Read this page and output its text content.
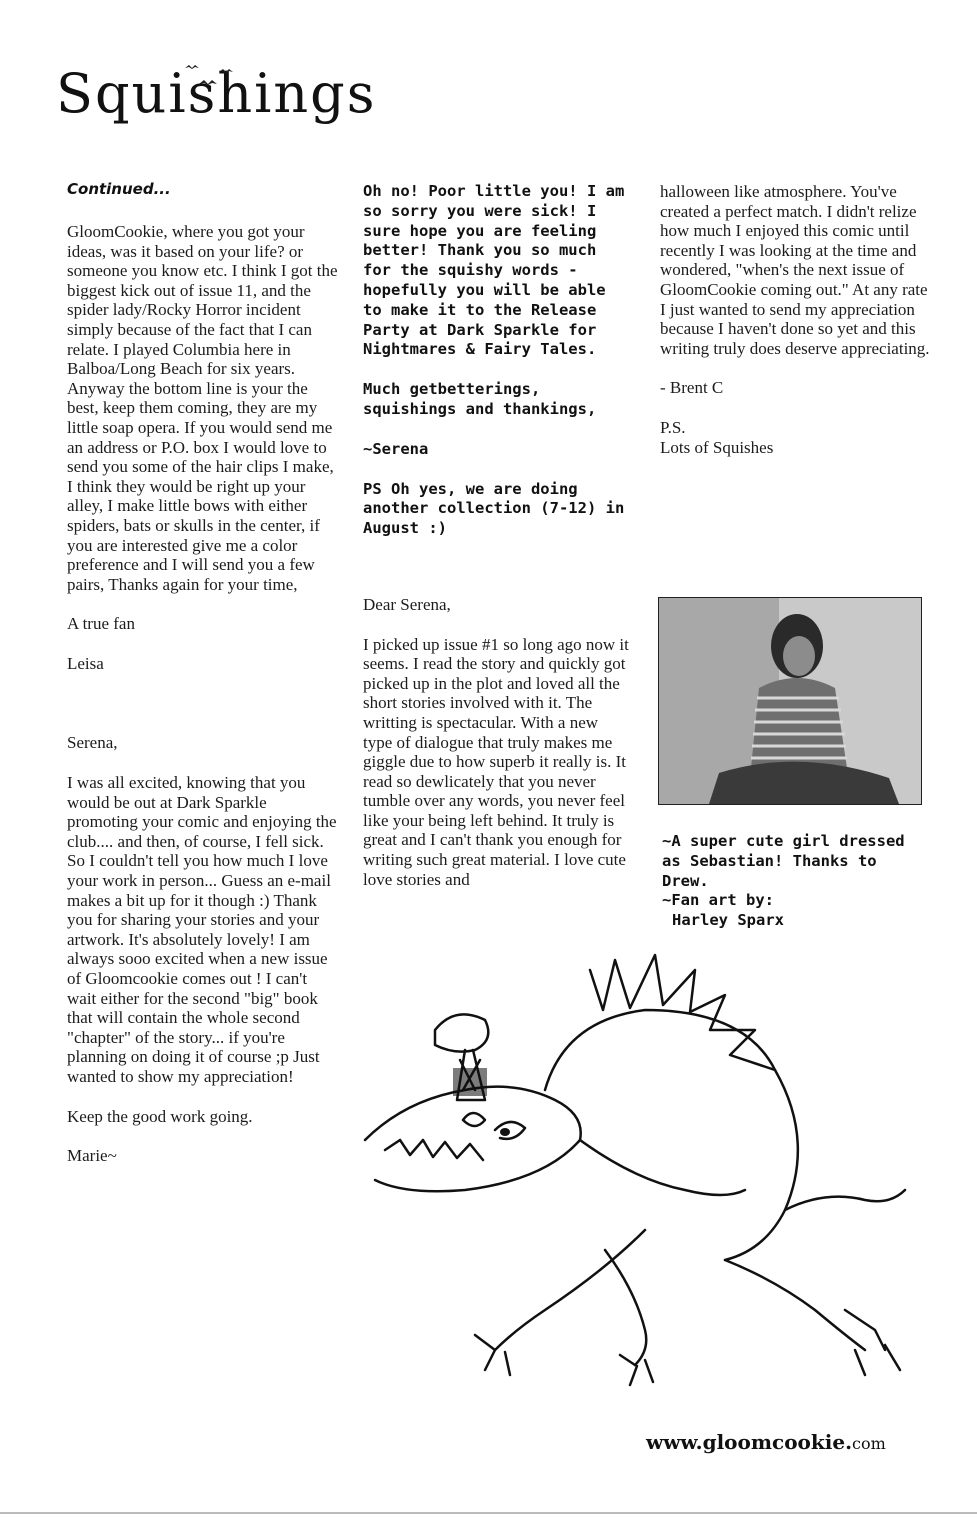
Squishings
Continued...

GloomCookie, where you got your ideas, was it based on your life? or someone you know etc. I think I got the biggest kick out of issue 11, and the spider lady/Rocky Horror incident simply because of the fact that I can relate. I played Columbia here in Balboa/Long Beach for six years. Anyway the bottom line is your the best, keep them coming, they are my little soap opera. If you would send me an address or P.O. box I would love to send you some of the hair clips I make, I think they would be right up your alley, I make little bows with either spiders, bats or skulls in the center, if you are interested give me a color preference and I will send you a few pairs, Thanks again for your time,

A true fan

Leisa

Serena,

I was all excited, knowing that you would be out at Dark Sparkle promoting your comic and enjoying the club.... and then, of course, I fell sick. So I couldn't tell you how much I love your work in person... Guess an e-mail makes a bit up for it though :) Thank you for sharing your stories and your artwork. It's absolutely lovely! I am always sooo excited when a new issue of Gloomcookie comes out ! I can't wait either for the second "big" book that will contain the whole second "chapter" of the story... if you're planning on doing it of course ;p Just wanted to show my appreciation!

Keep the good work going.

Marie~

Oh no! Poor little you! I am so sorry you were sick! I sure hope you are feeling better! Thank you so much for the squishy words - hopefully you will be able to make it to the Release Party at Dark Sparkle for Nightmares & Fairy Tales.

Much getbetterings, squishings and thankings,

~Serena

PS Oh yes, we are doing another collection (7-12) in August :)

Dear Serena,

I picked up issue #1 so long ago now it seems. I read the story and quickly got picked up in the plot and loved all the short stories involved with it. The writting is spectacular. With a new type of dialogue that truly makes me giggle due to how superb it really is. It read so dewlicately that you never tumble over any words, you never feel like your being left behind. It truly is great and I can't thank you enough for writing such great material. I love cute love stories and

halloween like atmosphere. You've created a perfect match. I didn't relize how much I enjoyed this comic until recently I was looking at the time and wondered, "when's the next issue of GloomCookie coming out." At any rate I just wanted to send my appreciation because I haven't done so yet and this writing truly does deserve appreciating.

- Brent C

P.S.
Lots of Squishes

~A super cute girl dressed as Sebastian! Thanks to Drew.
~Fan art by:
Harley Sparx
www.gloomcookie.com
